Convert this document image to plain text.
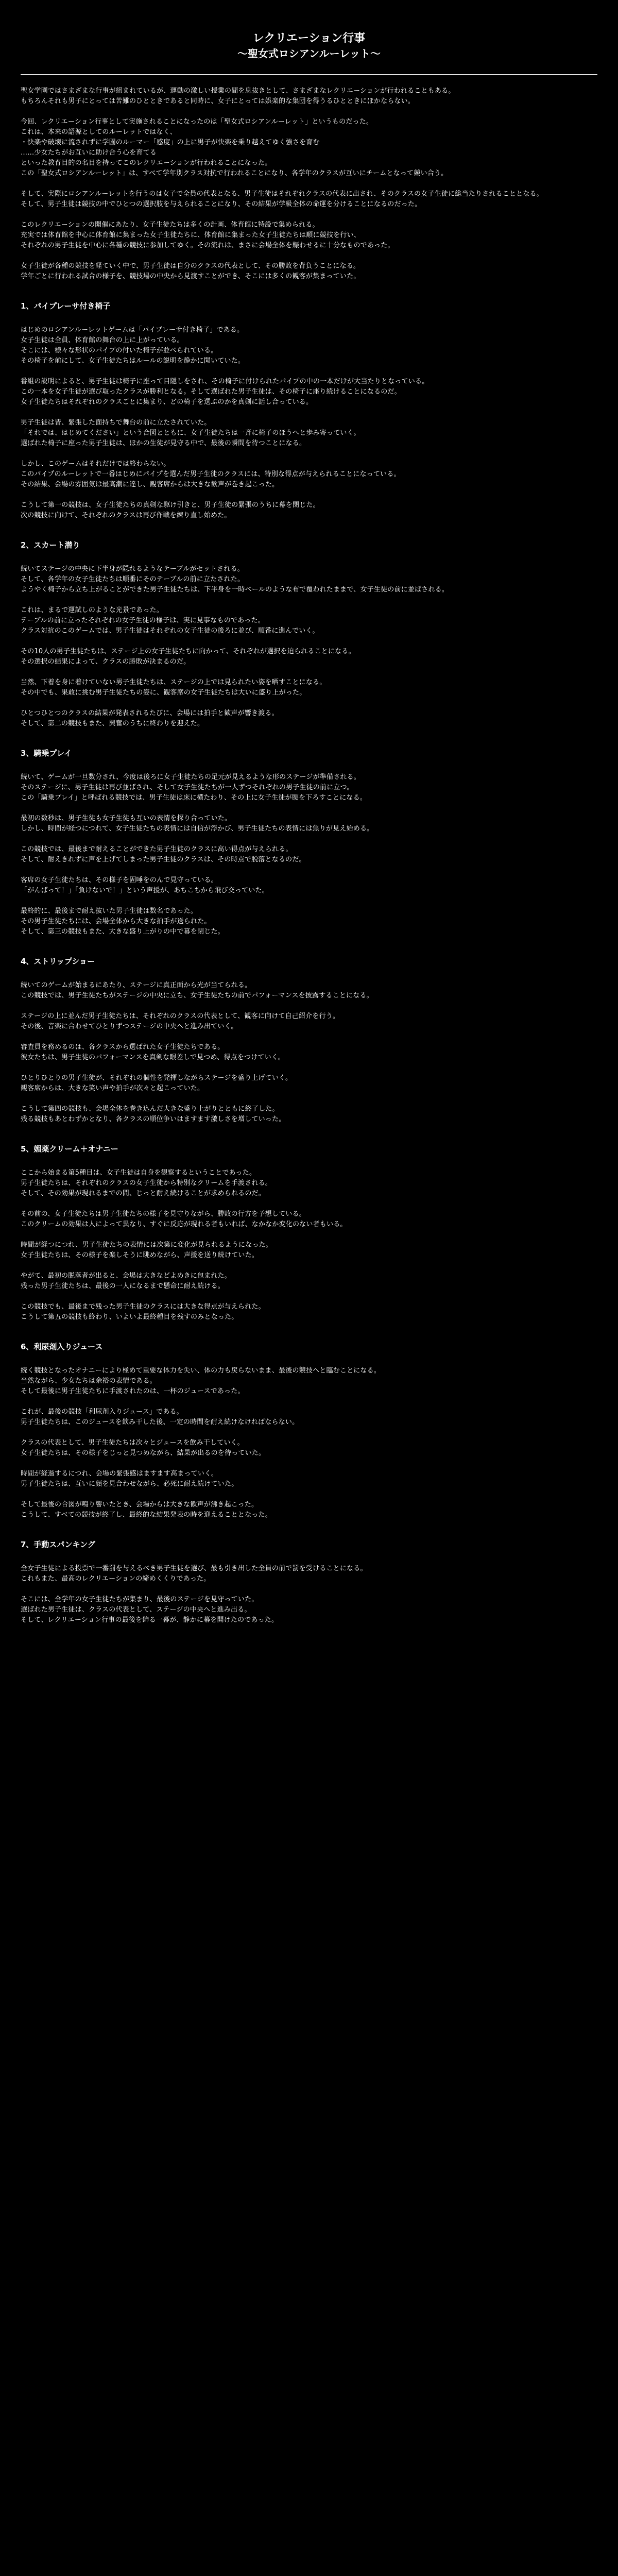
レクリエーション行事
〜聖女式ロシアンルーレット〜

聖女学園ではさまざまな行事が組まれているが、運動の激しい授業の間を息抜きとして、さまざまなレクリエーションが行われることもある。

もちろんそれも男子にとっては苦難のひとときであると同時に、女子にとっては娯楽的な集団を得うるひとときにほかならない。

今回、レクリエーション行事として実施されることになったのは「聖女式ロシアンルーレット」というものだった。

これは、本来の語源としてのルーレットではなく、

・快楽や破壊に流されずに学園のルーマー「感度」の上に男子が快楽を乗り越えてゆく強さを育む

……少女たちがお互いに助け合う心を育てる

といった教育目的の名目を持ってこのレクリエーションが行われることになった。

この「聖女式ロシアンルーレット」は、すべて学年別クラス対抗で行われることになり、各学年のクラスが互いにチームとなって競い合う。

そして、実際にロシアンルーレットを行うのは女子で全員の代表となる、男子生徒はそれぞれクラスの代表に出され、そのクラスの女子生徒に総当たりされることとなる。

そして、男子生徒は競技の中でひとつの選択肢を与えられることになり、その結果が学級全体の命運を分けることになるのだった。

このレクリエーションの開催にあたり、女子生徒たちは多くの計画、体育館に特設で集められる。

充実では体育館を中心に体育館に集まった女子生徒たちに、体育館に集まった女子生徒たちは順に競技を行い、

それぞれの男子生徒を中心に各種の競技に参加してゆく。その流れは、まさに会場全体を賑わせるに十分なものであった。

女子生徒が各種の競技を経ていく中で、男子生徒は自分のクラスの代表として、その勝敗を背負うことになる。

学年ごとに行われる試合の様子を、競技場の中央から見渡すことができ、そこには多くの観客が集まっていた。

1、パイプレーサ付き椅子

はじめのロシアンルーレットゲームは「パイプレーサ付き椅子」である。

女子生徒は全員、体育館の舞台の上に上がっている。

そこには、様々な形状のパイプの付いた椅子が並べられている。

その椅子を前にして、女子生徒たちはルールの説明を静かに聞いていた。

番組の説明によると、男子生徒は椅子に座って目隠しをされ、その椅子に付けられたパイプの中の一本だけが大当たりとなっている。

この一本を女子生徒が選び取ったクラスが勝利となる。そして選ばれた男子生徒は、その椅子に座り続けることになるのだ。

女子生徒たちはそれぞれのクラスごとに集まり、どの椅子を選ぶのかを真剣に話し合っている。

男子生徒は皆、緊張した面持ちで舞台の前に立たされていた。

「それでは、はじめてください」という合図とともに、女子生徒たちは一斉に椅子のほうへと歩み寄っていく。

選ばれた椅子に座った男子生徒は、ほかの生徒が見守る中で、最後の瞬間を待つことになる。

しかし、このゲームはそれだけでは終わらない。

このパイプのルーレットで一番はじめにパイプを選んだ男子生徒のクラスには、特別な得点が与えられることになっている。

その結果、会場の雰囲気は最高潮に達し、観客席からは大きな歓声が巻き起こった。

こうして第一の競技は、女子生徒たちの真剣な駆け引きと、男子生徒の緊張のうちに幕を閉じた。

次の競技に向けて、それぞれのクラスは再び作戦を練り直し始めた。

2、スカート潜り

続いてステージの中央に下半身が隠れるようなテーブルがセットされる。

そして、各学年の女子生徒たちは順番にそのテーブルの前に立たされた。

ようやく椅子から立ち上がることができた男子生徒たちは、下半身を一時ベールのような布で覆われたままで、女子生徒の前に並ばされる。

これは、まるで運試しのような光景であった。

テーブルの前に立ったそれぞれの女子生徒の様子は、実に見事なものであった。

クラス対抗のこのゲームでは、男子生徒はそれぞれの女子生徒の後ろに並び、順番に進んでいく。

その10人の男子生徒たちは、ステージ上の女子生徒たちに向かって、それぞれが選択を迫られることになる。

その選択の結果によって、クラスの勝敗が決まるのだ。

当然、下着を身に着けていない男子生徒たちは、ステージの上では見られたい姿を晒すことになる。

その中でも、果敢に挑む男子生徒たちの姿に、観客席の女子生徒たちは大いに盛り上がった。

ひとつひとつのクラスの結果が発表されるたびに、会場には拍手と歓声が響き渡る。

そして、第二の競技もまた、興奮のうちに終わりを迎えた。

3、騎乗プレイ

続いて、ゲームが一旦数分され、今度は後ろに女子生徒たちの足元が見えるような形のステージが準備される。

そのステージに、男子生徒は再び並ばされ、そして女子生徒たちが一人ずつそれぞれの男子生徒の前に立つ。

この「騎乗プレイ」と呼ばれる競技では、男子生徒は床に横たわり、その上に女子生徒が腰を下ろすことになる。

最初の数秒は、男子生徒も女子生徒も互いの表情を探り合っていた。

しかし、時間が経つにつれて、女子生徒たちの表情には自信が浮かび、男子生徒たちの表情には焦りが見え始める。

この競技では、最後まで耐えることができた男子生徒のクラスに高い得点が与えられる。

そして、耐えきれずに声を上げてしまった男子生徒のクラスは、その時点で脱落となるのだ。

客席の女子生徒たちは、その様子を固唾をのんで見守っている。

「がんばって！」「負けないで！」という声援が、あちこちから飛び交っていた。

最終的に、最後まで耐え抜いた男子生徒は数名であった。

その男子生徒たちには、会場全体から大きな拍手が送られた。

そして、第三の競技もまた、大きな盛り上がりの中で幕を閉じた。

4、ストリップショー

続いてのゲームが始まるにあたり、ステージに真正面から光が当てられる。

この競技では、男子生徒たちがステージの中央に立ち、女子生徒たちの前でパフォーマンスを披露することになる。

ステージの上に並んだ男子生徒たちは、それぞれのクラスの代表として、観客に向けて自己紹介を行う。

その後、音楽に合わせてひとりずつステージの中央へと進み出ていく。

審査員を務めるのは、各クラスから選ばれた女子生徒たちである。

彼女たちは、男子生徒のパフォーマンスを真剣な眼差しで見つめ、得点をつけていく。

ひとりひとりの男子生徒が、それぞれの個性を発揮しながらステージを盛り上げていく。

観客席からは、大きな笑い声や拍手が次々と起こっていた。

こうして第四の競技も、会場全体を巻き込んだ大きな盛り上がりとともに終了した。

残る競技もあとわずかとなり、各クラスの順位争いはますます激しさを増していった。

5、媚薬クリーム＋オナニー

ここから始まる第5種目は、女子生徒は自身を観察するということであった。

男子生徒たちは、それぞれのクラスの女子生徒から特別なクリームを手渡される。

そして、その効果が現れるまでの間、じっと耐え続けることが求められるのだ。

その前の、女子生徒たちは男子生徒たちの様子を見守りながら、勝敗の行方を予想している。

このクリームの効果は人によって異なり、すぐに反応が現れる者もいれば、なかなか変化のない者もいる。

時間が経つにつれ、男子生徒たちの表情には次第に変化が見られるようになった。

女子生徒たちは、その様子を楽しそうに眺めながら、声援を送り続けていた。

やがて、最初の脱落者が出ると、会場は大きなどよめきに包まれた。

残った男子生徒たちは、最後の一人になるまで懸命に耐え続ける。

この競技でも、最後まで残った男子生徒のクラスには大きな得点が与えられた。

こうして第五の競技も終わり、いよいよ最終種目を残すのみとなった。

6、利尿剤入りジュース

続く競技となったオナニーにより極めて重要な体力を失い、体の力も戻らないまま、最後の競技へと臨むことになる。

当然ながら、少女たちは余裕の表情である。

そして最後に男子生徒たちに手渡されたのは、一杯のジュースであった。

これが、最後の競技「利尿剤入りジュース」である。

男子生徒たちは、このジュースを飲み干した後、一定の時間を耐え続けなければならない。

クラスの代表として、男子生徒たちは次々とジュースを飲み干していく。

女子生徒たちは、その様子をじっと見つめながら、結果が出るのを待っていた。

時間が経過するにつれ、会場の緊張感はますます高まっていく。

男子生徒たちは、互いに顔を見合わせながら、必死に耐え続けていた。

そして最後の合図が鳴り響いたとき、会場からは大きな歓声が沸き起こった。

こうして、すべての競技が終了し、最終的な結果発表の時を迎えることとなった。

7、手動スパンキング

全女子生徒による投票で一番罰を与えるべき男子生徒を選び、最も引き出した全員の前で罰を受けることになる。

これもまた、最高のレクリエーションの締めくくりであった。

そこには、全学年の女子生徒たちが集まり、最後のステージを見守っていた。

選ばれた男子生徒は、クラスの代表として、ステージの中央へと進み出る。

そして、レクリエーション行事の最後を飾る一幕が、静かに幕を開けたのであった。
